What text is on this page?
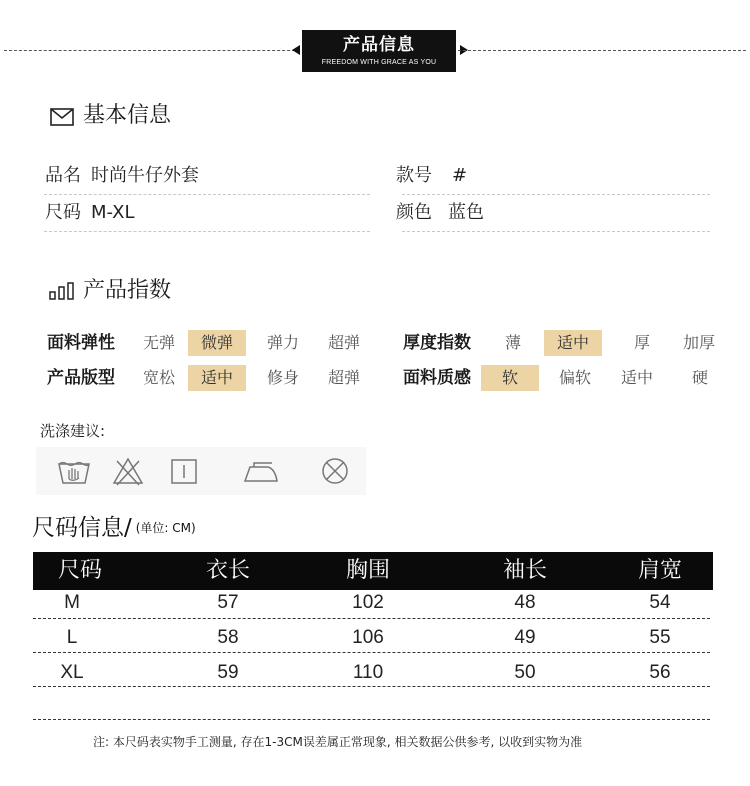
产品信息
FREEDOM WITH GRACE AS YOU
基本信息
品名 时尚牛仔外套	款号 #
尺码 M-XL	颜色 蓝色
产品指数
面料弹性	无弹	微弹	弹力	超弹
产品版型	宽松	适中	修身	超弹
厚度指数	薄	适中	厚	加厚
面料质感	软	偏软	适中	硬
洗涤建议:
尺码信息/ (单位: CM)
尺码	衣长	胸围	袖长	肩宽
M	57	102	48	54
L	58	106	49	55
XL	59	110	50	56
注: 本尺码表实物手工测量, 存在1-3CM误差属正常现象, 相关数据公供参考, 以收到实物为准
